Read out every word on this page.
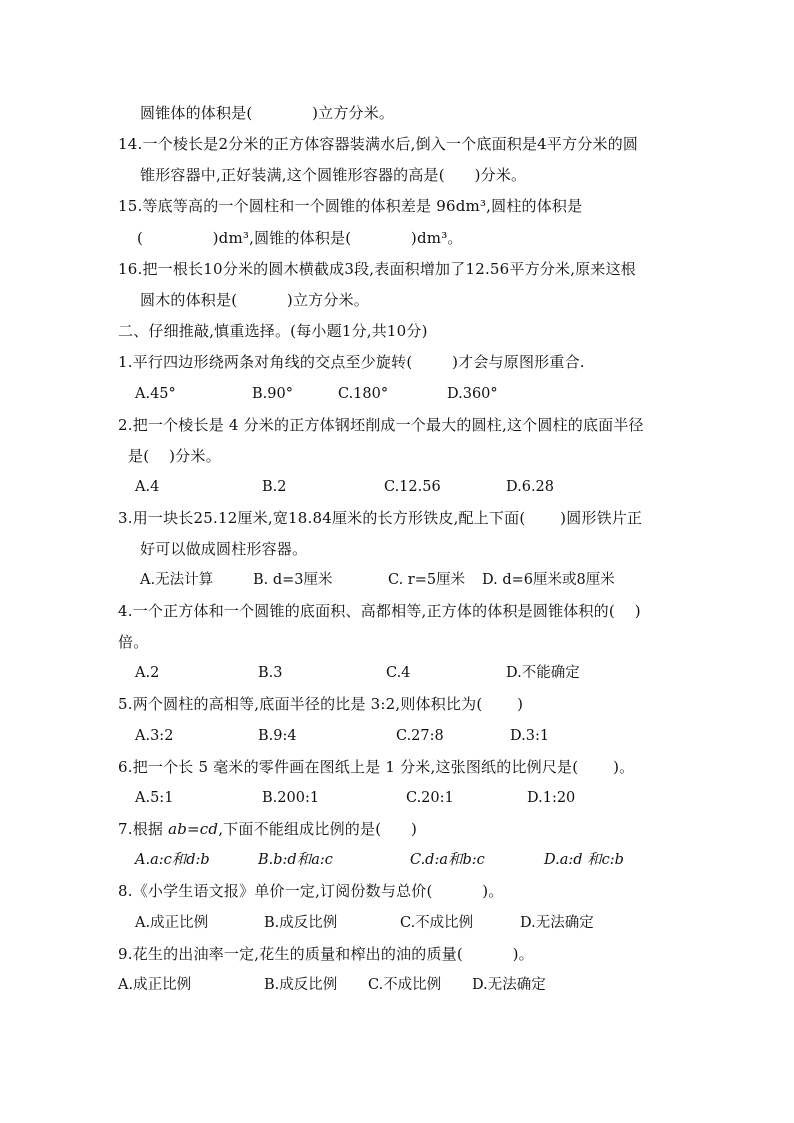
圆锥体的体积是(            )立方分米。
14.一个棱长是2分米的正方体容器装满水后,倒入一个底面积是4平方分米的圆
锥形容器中,正好装满,这个圆锥形容器的高是(      )分米。
15.等底等高的一个圆柱和一个圆锥的体积差是 96dm³,圆柱的体积是
(              )dm³,圆锥的体积是(            )dm³。
16.把一根长10分米的圆木横截成3段,表面积增加了12.56平方分米,原来这根
圆木的体积是(          )立方分米。
二、仔细推敲,慎重选择。(每小题1分,共10分)
1.平行四边形绕两条对角线的交点至少旋转(        )才会与原图形重合.
A.45°	B.90°	C.180°	D.360°
2.把一个棱长是 4 分米的正方体钢坯削成一个最大的圆柱,这个圆柱的底面半径
是(    )分米。
A.4	B.2	C.12.56	D.6.28
3.用一块长25.12厘米,宽18.84厘米的长方形铁皮,配上下面(       )圆形铁片正
好可以做成圆柱形容器。
A.无法计算	B. d=3厘米	C. r=5厘米 D. d=6厘米或8厘米
4.一个正方体和一个圆锥的底面积、高都相等,正方体的体积是圆锥体积的(    )
倍。
A.2	B.3	C.4	D.不能确定
5.两个圆柱的高相等,底面半径的比是 3:2,则体积比为(       )
A.3:2	B.9:4	C.27:8	D.3:1
6.把一个长 5 毫米的零件画在图纸上是 1 分米,这张图纸的比例尺是(       )。
A.5:1	B.200:1	C.20:1	D.1:20
7.根据 ab=cd,下面不能组成比例的是(      )
A.a:c和d:b	B.b:d和a:c	C.d:a和b:c	D.a:d 和c:b
8.《小学生语文报》单价一定,订阅份数与总价(          )。
A.成正比例	B.成反比例	C.不成比例	D.无法确定
9.花生的出油率一定,花生的质量和榨出的油的质量(          )。
A.成正比例	B.成反比例 C.不成比例 D.无法确定
